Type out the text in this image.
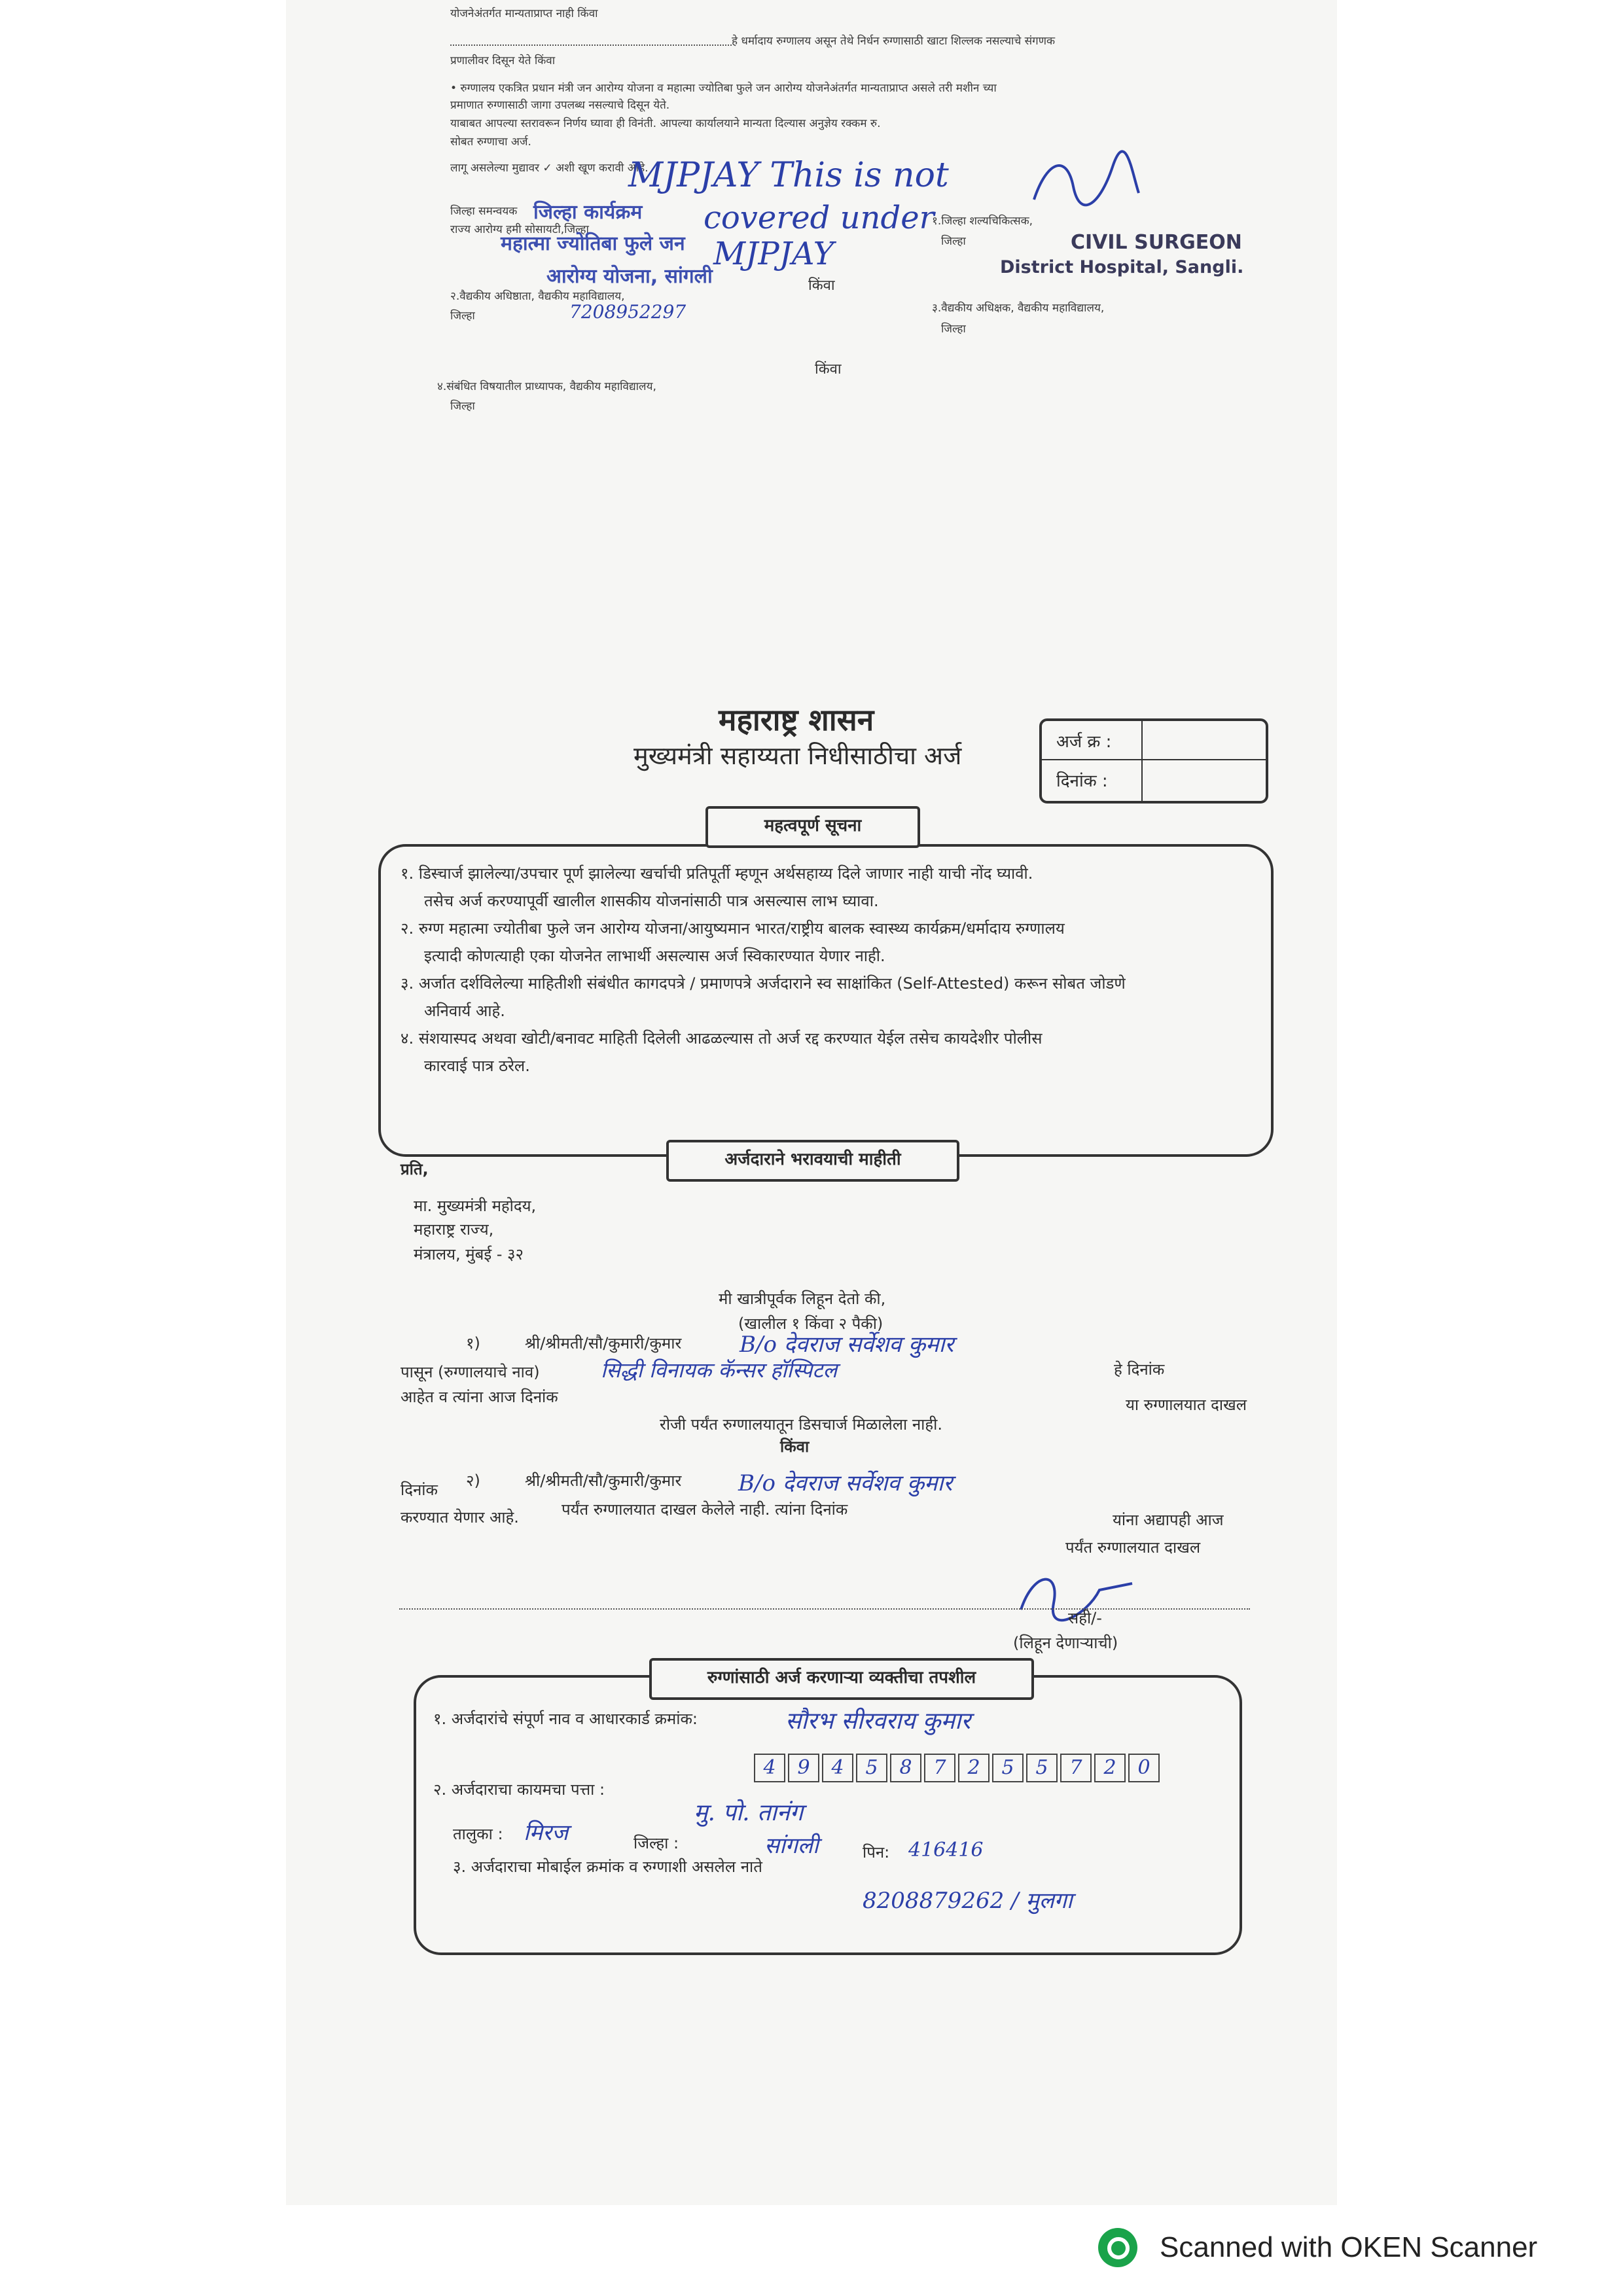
योजनेअंतर्गत मान्यताप्राप्त नाही किंवा
हे धर्मादाय रुग्णालय असून तेथे निर्धन रुग्णासाठी खाटा शिल्लक नसल्याचे संगणक
प्रणालीवर दिसून येते किंवा
• रुग्णालय एकत्रित प्रधान मंत्री जन आरोग्य योजना व महात्मा ज्योतिबा फुले जन आरोग्य योजनेअंतर्गत मान्यताप्राप्त असले तरी मशीन च्या
प्रमाणात रुग्णासाठी जागा उपलब्ध नसल्याचे दिसून येते.
याबाबत आपल्या स्तरावरून निर्णय घ्यावा ही विनंती. आपल्या कार्यालयाने मान्यता दिल्यास अनुज्ञेय रक्कम रु.
सोबत रुग्णाचा अर्ज.
लागू असलेल्या मुद्यावर ✓ अशी खूण करावी आहे.
जिल्हा समन्वयक
राज्य आरोग्य हमी सोसायटी,जिल्हा
जिल्हा कार्यक्रम
महात्मा ज्योतिबा फुले जन
आरोग्य योजना, सांगली
२.वैद्यकीय अधिष्ठाता, वैद्यकीय महाविद्यालय,
जिल्हा	7208952297
MJPJAY This is not
covered under
MJPJAY
किंवा
१.जिल्हा शल्यचिकित्सक,
जिल्हा	CIVIL SURGEON
District Hospital, Sangli.
३.वैद्यकीय अधिक्षक, वैद्यकीय महाविद्यालय,
जिल्हा
किंवा
४.संबंधित विषयातील प्राध्यापक, वैद्यकीय महाविद्यालय,
जिल्हा
महाराष्ट्र शासन
मुख्यमंत्री सहाय्यता निधीसाठीचा अर्ज	अर्ज क्र :
दिनांक :
महत्वपूर्ण सूचना
१. डिस्चार्ज झालेल्या/उपचार पूर्ण झालेल्या खर्चाची प्रतिपूर्ती म्हणून अर्थसहाय्य दिले जाणार नाही याची नोंद घ्यावी.
तसेच अर्ज करण्यापूर्वी खालील शासकीय योजनांसाठी पात्र असल्यास लाभ घ्यावा.
२. रुग्ण महात्मा ज्योतीबा फुले जन आरोग्य योजना/आयुष्यमान भारत/राष्ट्रीय बालक स्वास्थ्य कार्यक्रम/धर्मादाय रुग्णालय
इत्यादी कोणत्याही एका योजनेत लाभार्थी असल्यास अर्ज स्विकारण्यात येणार नाही.
३. अर्जात दर्शविलेल्या माहितीशी संबंधीत कागदपत्रे / प्रमाणपत्रे अर्जदाराने स्व साक्षांकित (Self-Attested) करून सोबत जोडणे
अनिवार्य आहे.
४. संशयास्पद अथवा खोटी/बनावट माहिती दिलेली आढळल्यास तो अर्ज रद्द करण्यात येईल तसेच कायदेशीर पोलीस
कारवाई पात्र ठरेल.
अर्जदाराने भरावयाची माहीती
प्रति,
मा. मुख्यमंत्री महोदय,
महाराष्ट्र राज्य,
मंत्रालय, मुंबई - ३२
मी खात्रीपूर्वक लिहून देतो की,
(खालील १ किंवा २ पैकी)
१)	श्री/श्रीमती/सौ/कुमारी/कुमार	B/o देवराज सर्वेशव कुमार
पासून (रुग्णालयाचे नाव)	सिद्धी विनायक कॅन्सर हॉस्पिटल	हे दिनांक
आहेत व त्यांना आज दिनांक	या रुग्णालयात दाखल
रोजी पर्यंत रुग्णालयातून डिसचार्ज मिळालेला नाही.
किंवा
२)	श्री/श्रीमती/सौ/कुमारी/कुमार	B/o देवराज सर्वेशव कुमार
यांना अद्यापही आज
दिनांक
पर्यंत रुग्णालयात दाखल केलेले नाही. त्यांना दिनांक
पर्यंत रुग्णालयात दाखल
करण्यात येणार आहे.
सही/-
(लिहून देणाऱ्याची)
रुग्णांसाठी अर्ज करणाऱ्या व्यक्तीचा तपशील
१. अर्जदारांचे संपूर्ण नाव व आधारकार्ड क्रमांक:	सौरभ सीरवराय कुमार
4 9 4 5 8 7 2 5 5 7 2 0
२. अर्जदाराचा कायमचा पत्ता :
मु. पो. तानंग
तालुका : मिरज	जिल्हा :	सांगली	पिन: 416416
३. अर्जदाराचा मोबाईल क्रमांक व रुग्णाशी असलेल नाते
8208879262 / मुलगा
Scanned with OKEN Scanner
